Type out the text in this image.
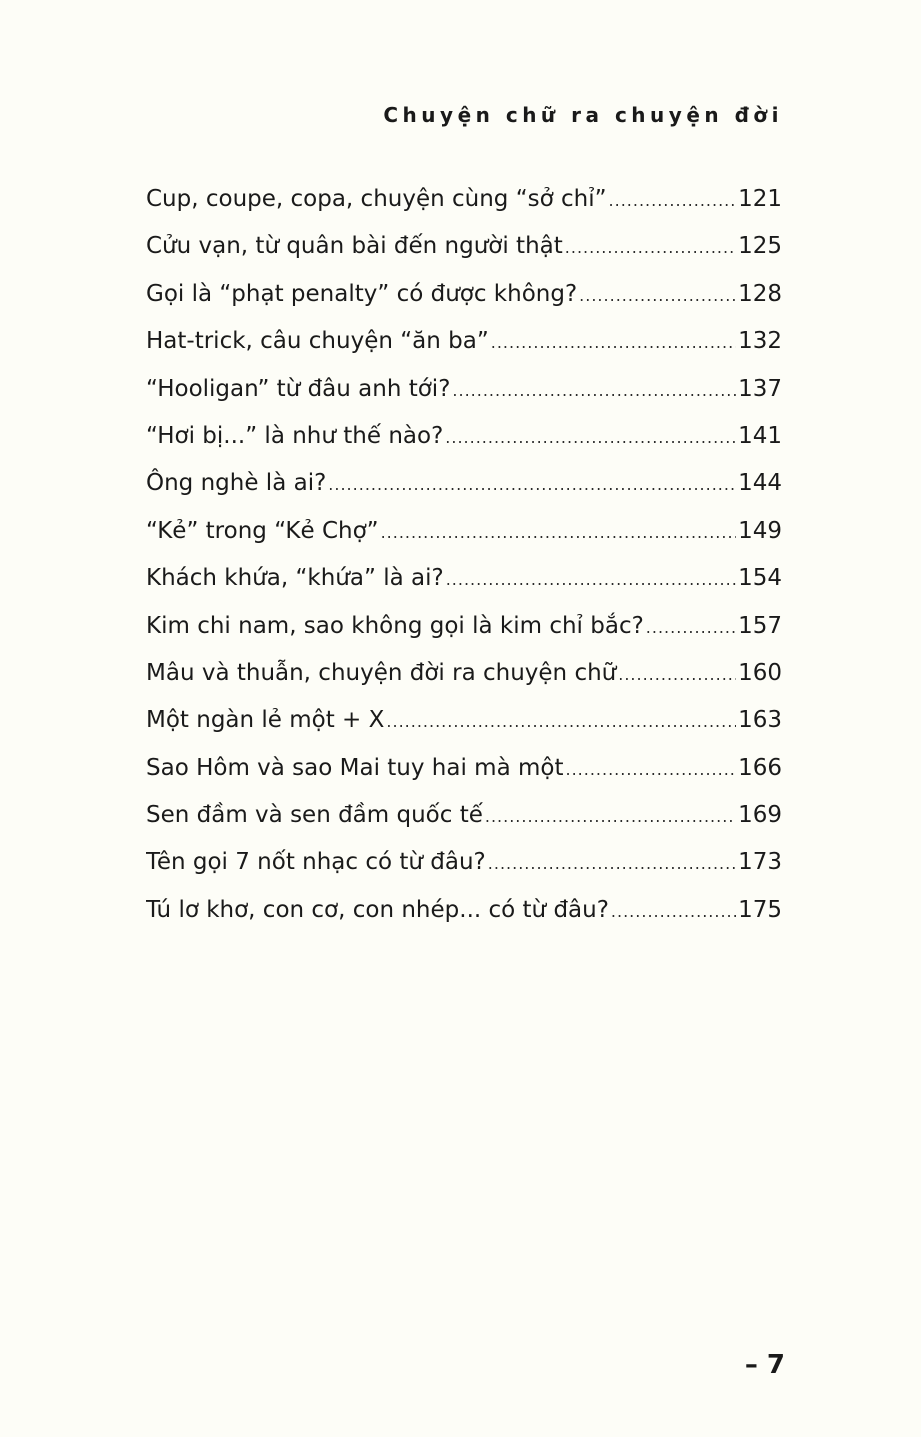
Chuyện chữ ra chuyện đời
Cup, coupe, copa, chuyện cùng “sở chỉ” .....	121
Cửu vạn, từ quân bài đến người thật .....	125
Gọi là “phạt penalty” có được không? .....	128
Hat-trick, câu chuyện “ăn ba” .....	132
“Hooligan” từ đâu anh tới? .....	137
“Hơi bị...” là như thế nào? .....	141
Ông nghè là ai? .....	144
“Kẻ” trong “Kẻ Chợ” .....	149
Khách khứa, “khứa” là ai? .....	154
Kim chi nam, sao không gọi là kim chỉ bắc? .....	157
Mâu và thuẫn, chuyện đời ra chuyện chữ .....	160
Một ngàn lẻ một + X .....	163
Sao Hôm và sao Mai tuy hai mà một .....	166
Sen đầm và sen đầm quốc tế .....	169
Tên gọi 7 nốt nhạc có từ đâu? .....	173
Tú lơ khơ, con cơ, con nhép... có từ đâu? .....	175
– 7
